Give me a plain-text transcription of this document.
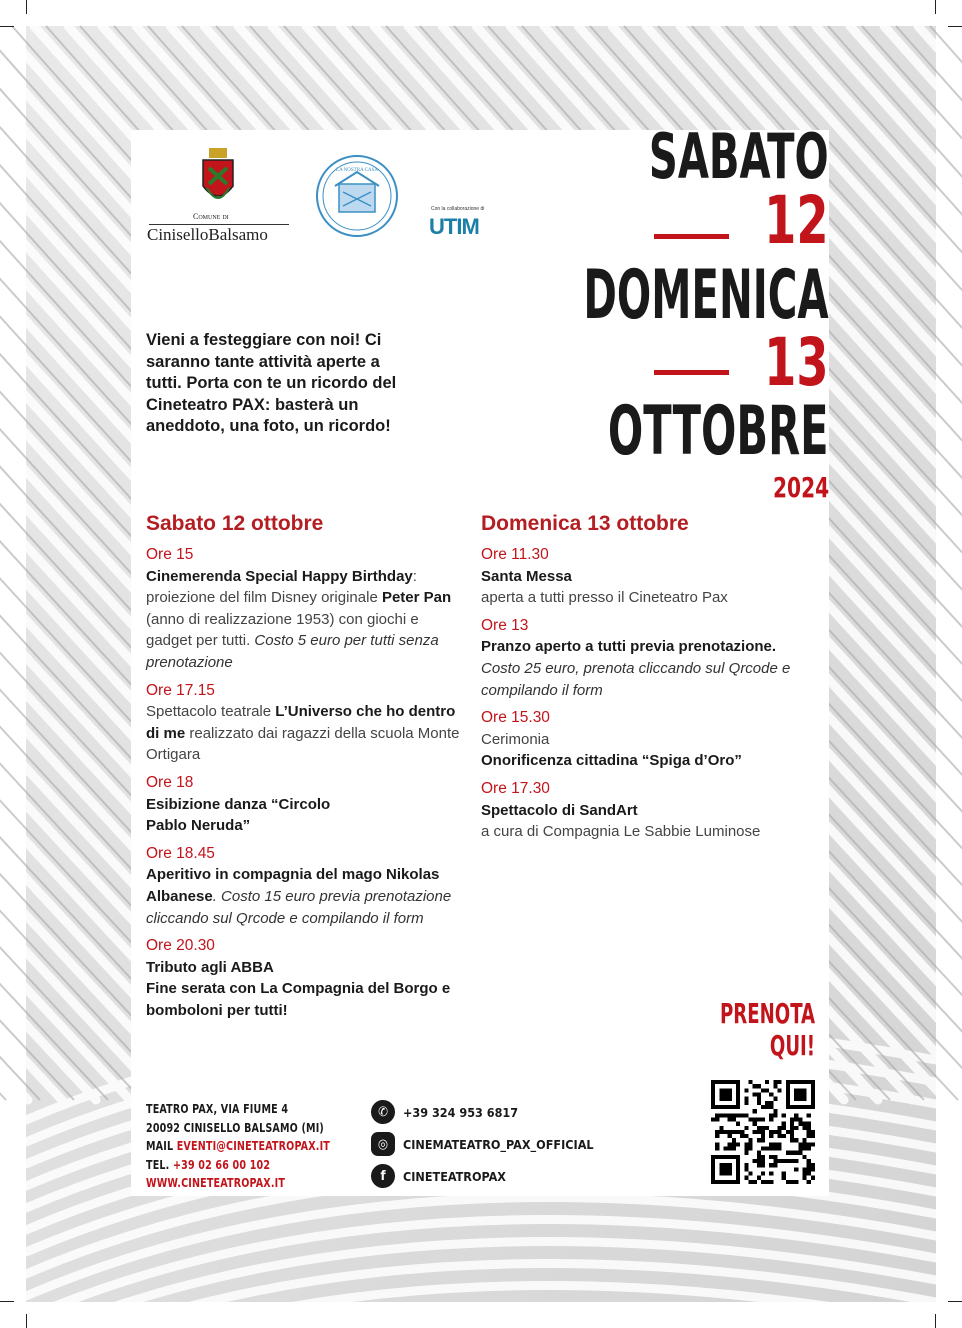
Comune di
CiniselloBalsamo
LA NOSTRA CASA
Con la collaborazione di
UTIM
SABATO
12
DOMENICA
13
OTTOBRE
2024
Vieni a festeggiare con noi! Ci saranno tante attività aperte a tutti. Porta con te un ricordo del Cineteatro PAX: basterà un aneddoto, una foto, un ricordo!
Sabato 12 ottobre
Ore 15
Cinemerenda Special Happy Birthday: proiezione del film Disney originale Peter Pan (anno di realizzazione 1953) con giochi e gadget per tutti. Costo 5 euro per tutti senza prenotazione
Ore 17.15
Spettacolo teatrale L’Universo che ho dentro di me realizzato dai ragazzi della scuola Monte Ortigara
Ore 18
Esibizione danza “Circolo Pablo Neruda”
Ore 18.45
Aperitivo in compagnia del mago Nikolas Albanese. Costo 15 euro previa prenotazione cliccando sul Qrcode e compilando il form
Ore 20.30
Tributo agli ABBA
Fine serata con La Compagnia del Borgo e bomboloni per tutti!
Domenica 13 ottobre
Ore 11.30
Santa Messa
aperta a tutti presso il Cineteatro Pax
Ore 13
Pranzo aperto a tutti previa prenotazione.
Costo 25 euro, prenota cliccando sul Qrcode e compilando il form
Ore 15.30
Cerimonia
Onorificenza cittadina “Spiga d’Oro”
Ore 17.30
Spettacolo di SandArt
a cura di Compagnia Le Sabbie Luminose
PRENOTA
QUI!
TEATRO PAX, VIA FIUME 4
20092 CINISELLO BALSAMO (MI)
MAIL EVENTI@CINETEATROPAX.IT
TEL. +39 02 66 00 102
WWW.CINETEATROPAX.IT
✆	+39 324 953 6817
◎	CINEMATEATRO_PAX_OFFICIAL
f	CINETEATROPAX
